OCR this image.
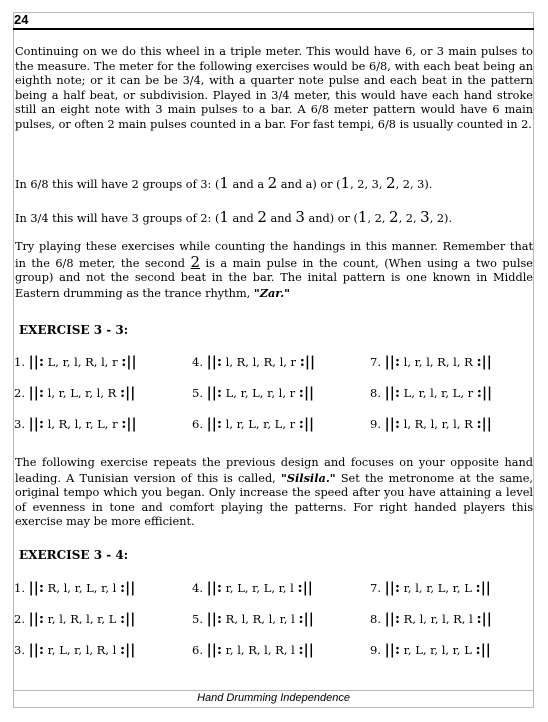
24
Continuing on we do this wheel in a triple meter. This would have 6, or 3 main pulses to the measure. The meter for the following exercises would be 6/8, with each beat being an eighth note; or it can be be 3/4, with a quarter note pulse and each beat in the pattern being a half beat, or subdivision. Played in 3/4 meter, this would have each hand stroke still an eight note with 3 main pulses to a bar. A 6/8 meter pattern would have 6 main pulses, or often 2 main pulses counted in a bar. For fast tempi, 6/8 is usually counted in 2.
In 6/8 this will have 2 groups of 3: (1 and a 2 and a) or (1, 2, 3, 2, 2, 3).
In 3/4 this will have 3 groups of 2: (1 and 2 and 3 and) or (1, 2, 2, 2, 3, 2).
Try playing these exercises while counting the handings in this manner. Remember that in the 6/8 meter, the second 2 is a main pulse in the count, (When using a two pulse group) and not the second beat in the bar. The inital pattern is one known in Middle Eastern drumming as the trance rhythm, "Zar."
EXERCISE 3 - 3:
1. ||: L, r, l, R, l, r :||	4. ||: l, R, l, R, l, r :||	7. ||: l, r, l, R, l, R :||
2. ||: l, r, L, r, l, R :||	5. ||: L, r, L, r, l, r :||	8. ||: L, r, l, r, L, r :||
3. ||: l, R, l, r, L, r :||	6. ||: l, r, L, r, L, r :||	9. ||: l, R, l, r, l, R :||
The following exercise repeats the previous design and focuses on your opposite hand leading. A Tunisian version of this is called, "Silsila." Set the metronome at the same, original tempo which you began. Only increase the speed after you have attaining a level of evenness in tone and comfort playing the patterns. For right handed players this exercise may be more efficient.
EXERCISE 3 - 4:
1. ||: R, l, r, L, r, l :||	4. ||: r, L, r, L, r, l :||	7. ||: r, l, r, L, r, L :||
2. ||: r, l, R, l, r, L :||	5. ||: R, l, R, l, r, l :||	8. ||: R, l, r, l, R, l :||
3. ||: r, L, r, l, R, l :||	6. ||: r, l, R, l, R, l :||	9. ||: r, L, r, l, r, L :||
Hand Drumming Independence
